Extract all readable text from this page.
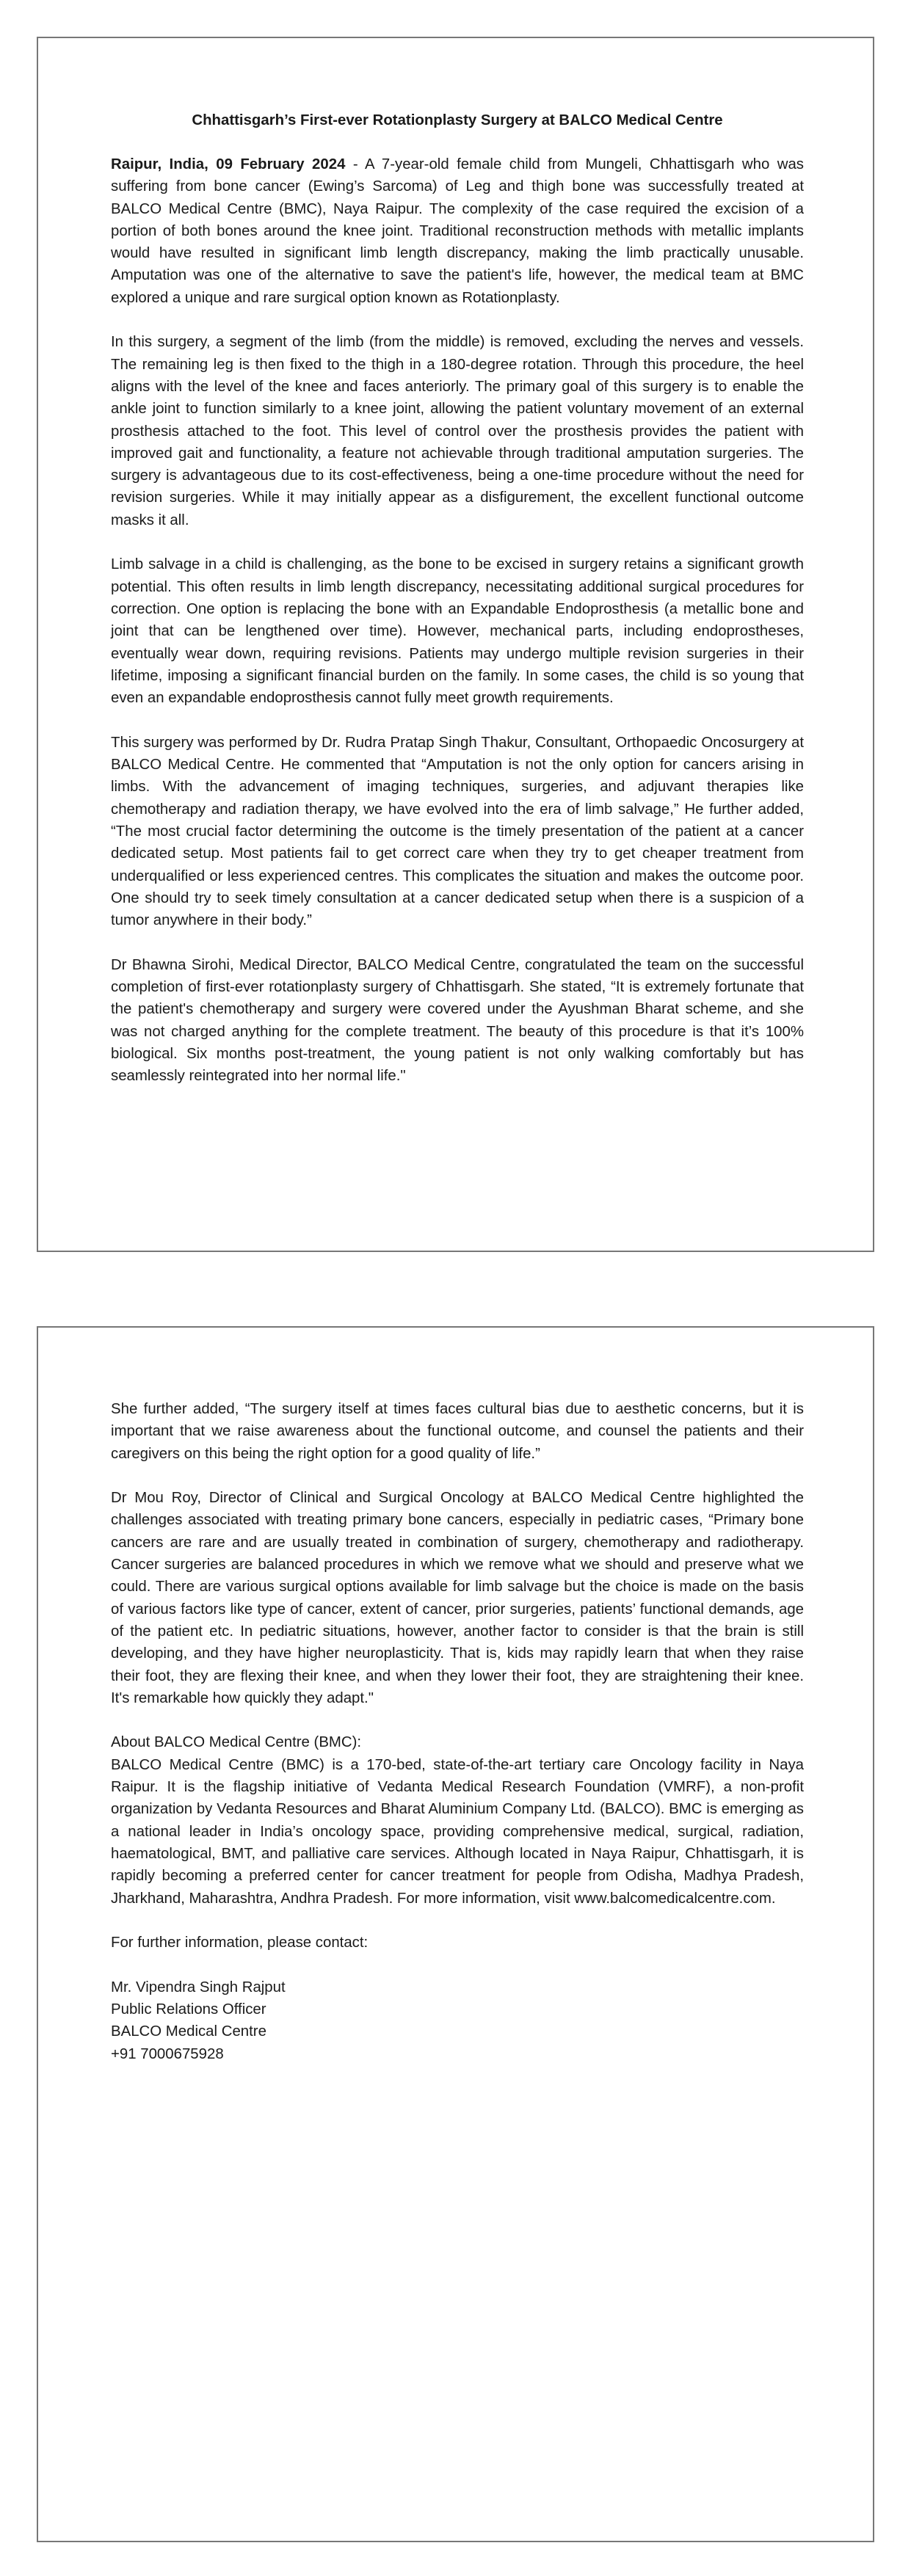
Chhattisgarh’s First-ever Rotationplasty Surgery at BALCO Medical Centre

Raipur, India, 09 February 2024 - A 7-year-old female child from Mungeli, Chhattisgarh who was suffering from bone cancer (Ewing’s Sarcoma) of Leg and thigh bone was successfully treated at BALCO Medical Centre (BMC), Naya Raipur. The complexity of the case required the excision of a portion of both bones around the knee joint. Traditional reconstruction methods with metallic implants would have resulted in significant limb length discrepancy, making the limb practically unusable. Amputation was one of the alternative to save the patient's life, however, the medical team at BMC explored a unique and rare surgical option known as Rotationplasty.

In this surgery, a segment of the limb (from the middle) is removed, excluding the nerves and vessels. The remaining leg is then fixed to the thigh in a 180-degree rotation. Through this procedure, the heel aligns with the level of the knee and faces anteriorly. The primary goal of this surgery is to enable the ankle joint to function similarly to a knee joint, allowing the patient voluntary movement of an external prosthesis attached to the foot. This level of control over the prosthesis provides the patient with improved gait and functionality, a feature not achievable through traditional amputation surgeries. The surgery is advantageous due to its cost-effectiveness, being a one-time procedure without the need for revision surgeries. While it may initially appear as a disfigurement, the excellent functional outcome masks it all.

Limb salvage in a child is challenging, as the bone to be excised in surgery retains a significant growth potential. This often results in limb length discrepancy, necessitating additional surgical procedures for correction. One option is replacing the bone with an Expandable Endoprosthesis (a metallic bone and joint that can be lengthened over time). However, mechanical parts, including endoprostheses, eventually wear down, requiring revisions. Patients may undergo multiple revision surgeries in their lifetime, imposing a significant financial burden on the family. In some cases, the child is so young that even an expandable endoprosthesis cannot fully meet growth requirements.

This surgery was performed by Dr. Rudra Pratap Singh Thakur, Consultant, Orthopaedic Oncosurgery at BALCO Medical Centre. He commented that “Amputation is not the only option for cancers arising in limbs. With the advancement of imaging techniques, surgeries, and adjuvant therapies like chemotherapy and radiation therapy, we have evolved into the era of limb salvage,” He further added, “The most crucial factor determining the outcome is the timely presentation of the patient at a cancer dedicated setup. Most patients fail to get correct care when they try to get cheaper treatment from underqualified or less experienced centres. This complicates the situation and makes the outcome poor. One should try to seek timely consultation at a cancer dedicated setup when there is a suspicion of a tumor anywhere in their body.”

Dr Bhawna Sirohi, Medical Director, BALCO Medical Centre, congratulated the team on the successful completion of first-ever rotationplasty surgery of Chhattisgarh. She stated, “It is extremely fortunate that the patient's chemotherapy and surgery were covered under the Ayushman Bharat scheme, and she was not charged anything for the complete treatment. The beauty of this procedure is that it’s 100% biological. Six months post-treatment, the young patient is not only walking comfortably but has seamlessly reintegrated into her normal life."

She further added, “The surgery itself at times faces cultural bias due to aesthetic concerns, but it is important that we raise awareness about the functional outcome, and counsel the patients and their caregivers on this being the right option for a good quality of life.”

Dr Mou Roy, Director of Clinical and Surgical Oncology at BALCO Medical Centre highlighted the challenges associated with treating primary bone cancers, especially in pediatric cases, “Primary bone cancers are rare and are usually treated in combination of surgery, chemotherapy and radiotherapy. Cancer surgeries are balanced procedures in which we remove what we should and preserve what we could. There are various surgical options available for limb salvage but the choice is made on the basis of various factors like type of cancer, extent of cancer, prior surgeries, patients’ functional demands, age of the patient etc. In pediatric situations, however, another factor to consider is that the brain is still developing, and they have higher neuroplasticity. That is, kids may rapidly learn that when they raise their foot, they are flexing their knee, and when they lower their foot, they are straightening their knee. It's remarkable how quickly they adapt."

About BALCO Medical Centre (BMC):
BALCO Medical Centre (BMC) is a 170-bed, state-of-the-art tertiary care Oncology facility in Naya Raipur. It is the flagship initiative of Vedanta Medical Research Foundation (VMRF), a non-profit organization by Vedanta Resources and Bharat Aluminium Company Ltd. (BALCO). BMC is emerging as a national leader in India’s oncology space, providing comprehensive medical, surgical, radiation, haematological, BMT, and palliative care services. Although located in Naya Raipur, Chhattisgarh, it is rapidly becoming a preferred center for cancer treatment for people from Odisha, Madhya Pradesh, Jharkhand, Maharashtra, Andhra Pradesh. For more information, visit www.balcomedicalcentre.com.

For further information, please contact:

Mr. Vipendra Singh Rajput
Public Relations Officer
BALCO Medical Centre
+91 7000675928
